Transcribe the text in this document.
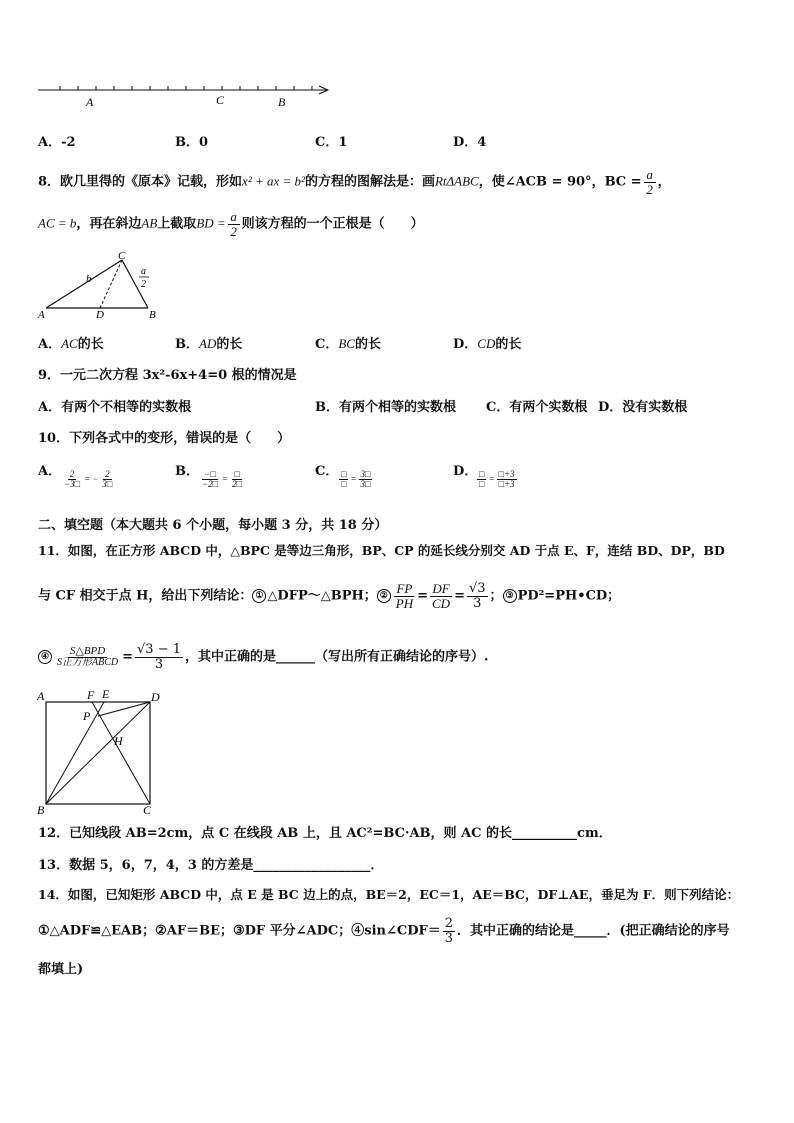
A	C	B
A．-2	B．0	C．1	D．4
8．欧几里得的《原本》记载，形如x² + ax = b²的方程的图解法是：画RtΔABC，使∠ACB = 90°，BC = $\frac{a}{2}$ ，
AC = b，再在斜边AB上截取BD = $\frac{a}{2}$ 则该方程的一个正根是（　　）
A	D	B
C
b
a
2
A．AC的长	B．AD的长	C．BC的长	D．CD的长
9．一元二次方程 3x²-6x+4=0 根的情况是
A．有两个不相等的实数根	B．有两个相等的实数根 C．有两个实数根 D．没有实数根
10．下列各式中的变形，错误的是（　　）
A．	B．	C．	D．
$\frac{2}{-3□}$ = − $\frac{2}{3□}$	$\frac{-□}{-2□} = \frac{□}{2□}$	$\frac{□}{□} = \frac{3□}{3□}$	$\frac{□}{□} = \frac{□+3}{□+3}$
二、填空题（本大题共 6 个小题，每小题 3 分，共 18 分）
11．如图，在正方形 ABCD 中，△BPC 是等边三角形，BP、CP 的延长线分别交 AD 于点 E、F，连结 BD、DP，BD
与 CF 相交于点 H，给出下列结论： ① △DFP～△BPH； ② $\frac{FP}{PH} = \frac{DF}{CD} = \frac{√3}{3}$ ； ③ PD²=PH•CD；
④ $\frac{\text{S△BPD}}{\text{S正方形ABCD}} = \frac{√3 - 1}{3}$ ，其中正确的是______（写出所有正确结论的序号）.
A	F E	D
P
H
B	C
12．已知线段 AB=2cm，点 C 在线段 AB 上，且 AC²=BC·AB，则 AC 的长__________cm．
13．数据 5，6，7，4，3 的方差是__________________．
14．如图，已知矩形 ABCD 中，点 E 是 BC 边上的点，BE＝2，EC＝1，AE＝BC，DF⊥AE，垂足为 F．则下列结论：
①△ADF≌△EAB；②AF＝BE；③DF 平分∠ADC；④sin∠CDF＝ $\frac{2}{3}$ ．其中正确的结论是_____．(把正确结论的序号
都填上)
